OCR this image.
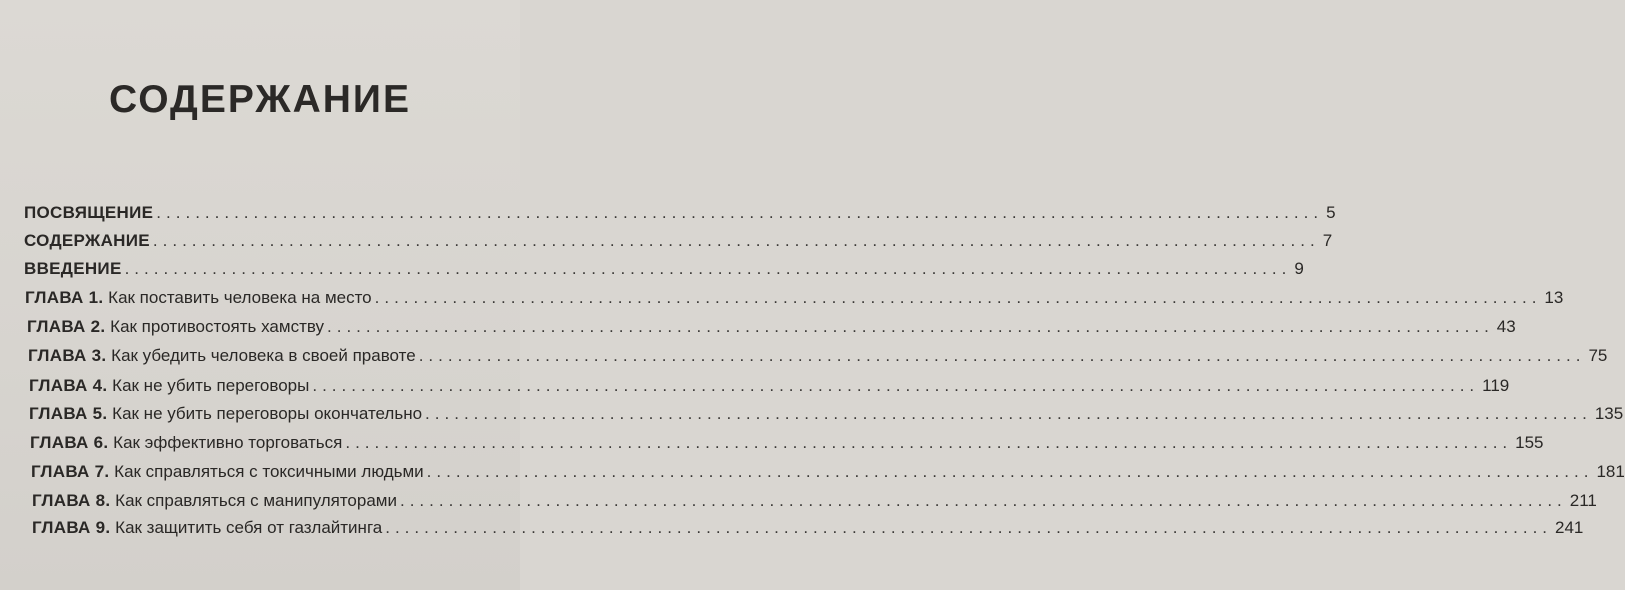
СОДЕРЖАНИЕ
ПОСВЯЩЕНИЕ ........................................................................................................................ 5
СОДЕРЖАНИЕ ........................................................................................................................ 7
ВВЕДЕНИЕ ........................................................................................................................ 9
ГЛАВА 1. Как поставить человека на место ........................................................................................................................ 13
ГЛАВА 2. Как противостоять хамству ........................................................................................................................ 43
ГЛАВА 3. Как убедить человека в своей правоте ........................................................................................................................ 75
ГЛАВА 4. Как не убить переговоры ........................................................................................................................ 119
ГЛАВА 5. Как не убить переговоры окончательно ........................................................................................................................ 135
ГЛАВА 6. Как эффективно торговаться ........................................................................................................................ 155
ГЛАВА 7. Как справляться с токсичными людьми ........................................................................................................................ 181
ГЛАВА 8. Как справляться с манипуляторами ........................................................................................................................ 211
ГЛАВА 9. Как защитить себя от газлайтинга ........................................................................................................................ 241
